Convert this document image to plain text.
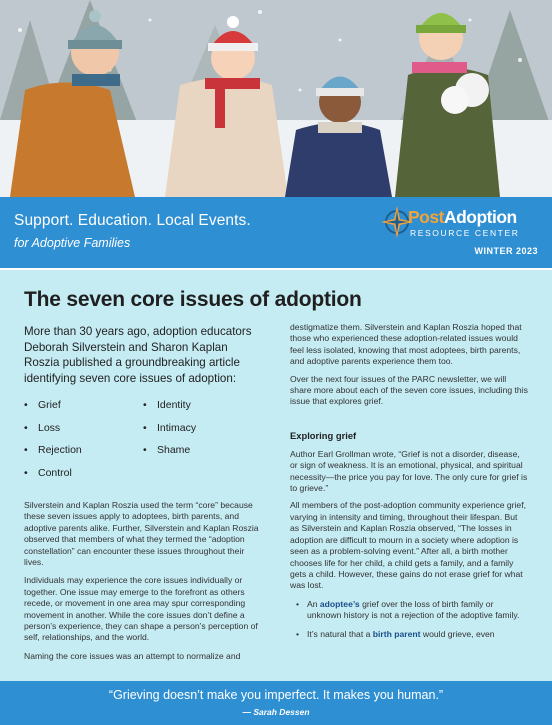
Support. Education. Local Events.
for Adoptive Families
PostAdoption
RESOURCE CENTER
WINTER 2023
The seven core issues of adoption

More than 30 years ago, adoption educators Deborah Silverstein and Sharon Kaplan Roszia published a groundbreaking article identifying seven core issues of adoption:

• Grief
• Loss
• Rejection
• Control
• Identity
• Intimacy
• Shame

Silverstein and Kaplan Roszia used the term “core” because these seven issues apply to adoptees, birth parents, and adoptive parents alike. Further, Silverstein and Kaplan Roszia observed that members of what they termed the “adoption constellation” can encounter these issues throughout their lives.

Individuals may experience the core issues individually or together. One issue may emerge to the forefront as others recede, or movement in one area may spur corresponding movement in another. While the core issues don’t define a person’s experience, they can shape a person’s perception of self, relationships, and the world.

Naming the core issues was an attempt to normalize and

destigmatize them. Silverstein and Kaplan Roszia hoped that those who experienced these adoption-related issues would feel less isolated, knowing that most adoptees, birth parents, and adoptive parents experience them too.

Over the next four issues of the PARC newsletter, we will share more about each of the seven core issues, including this issue that explores grief.

Exploring grief

Author Earl Grollman wrote, “Grief is not a disorder, disease, or sign of weakness. It is an emotional, physical, and spiritual necessity—the price you pay for love. The only cure for grief is to grieve.”

All members of the post-adoption community experience grief, varying in intensity and timing, throughout their lifespan. But as Silverstein and Kaplan Roszia observed, “The losses in adoption are difficult to mourn in a society where adoption is seen as a problem-solving event.” After all, a birth mother chooses life for her child, a child gets a family, and a family gets a child. However, these gains do not erase grief for what was lost.

• An adoptee’s grief over the loss of birth family or unknown history is not a rejection of the adoptive family.
• It’s natural that a birth parent would grieve, even
“Grieving doesn’t make you imperfect. It makes you human.”
— Sarah Dessen
